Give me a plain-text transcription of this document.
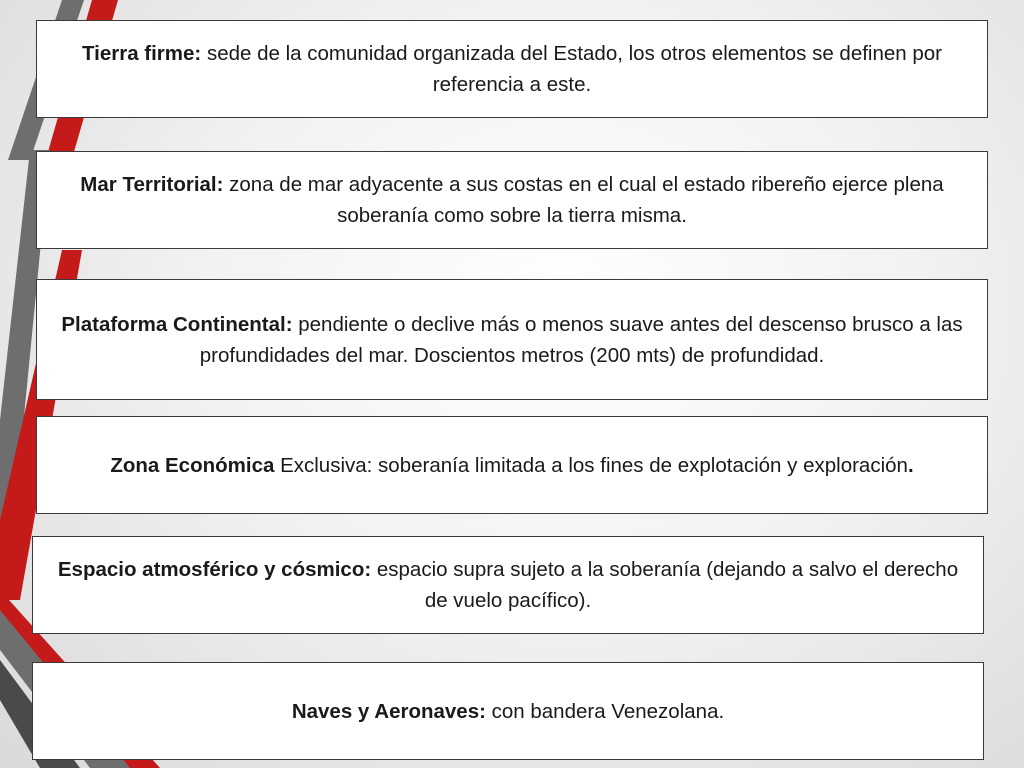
Tierra firme: sede de la comunidad organizada del Estado, los otros elementos se definen por referencia a este.

Mar Territorial: zona de mar adyacente a sus costas en el cual el estado ribereño ejerce plena soberanía como sobre la tierra misma.

Plataforma Continental: pendiente o declive más o menos suave antes del descenso brusco a las profundidades del mar. Doscientos metros (200 mts) de profundidad.

Zona Económica Exclusiva: soberanía limitada a los fines de explotación y exploración.

Espacio atmosférico y cósmico: espacio supra sujeto a la soberanía (dejando a salvo el derecho de vuelo pacífico).

Naves y Aeronaves: con bandera Venezolana.
